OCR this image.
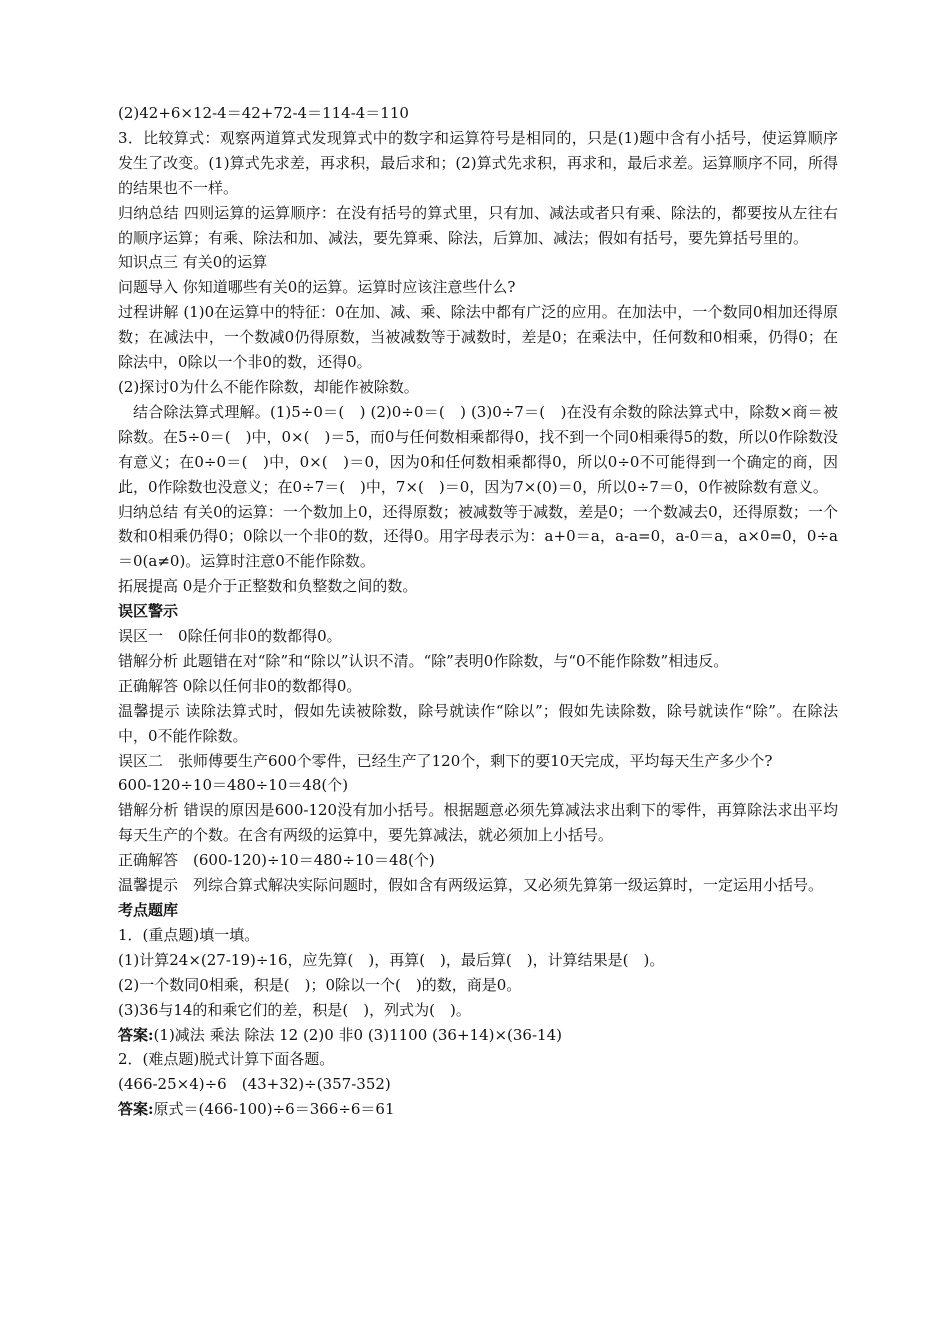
(2)42+6×12-4＝42+72-4＝114-4＝110

3．比较算式：观察两道算式发现算式中的数字和运算符号是相同的，只是(1)题中含有小括号，使运算顺序发生了改变。(1)算式先求差，再求积，最后求和；(2)算式先求积，再求和，最后求差。运算顺序不同，所得的结果也不一样。

归纳总结 四则运算的运算顺序：在没有括号的算式里，只有加、减法或者只有乘、除法的，都要按从左往右的顺序运算；有乘、除法和加、减法，要先算乘、除法，后算加、减法；假如有括号，要先算括号里的。

知识点三 有关0的运算

问题导入 你知道哪些有关0的运算。运算时应该注意些什么?

过程讲解 (1)0在运算中的特征：0在加、减、乘、除法中都有广泛的应用。在加法中，一个数同0相加还得原数；在减法中，一个数减0仍得原数，当被减数等于减数时，差是0；在乘法中，任何数和0相乘，仍得0；在除法中，0除以一个非0的数，还得0。

(2)探讨0为什么不能作除数，却能作被除数。

结合除法算式理解。(1)5÷0＝(　) (2)0÷0＝(　) (3)0÷7＝(　)在没有余数的除法算式中，除数×商＝被除数。在5÷0＝(　)中，0×(　)＝5，而0与任何数相乘都得0，找不到一个同0相乘得5的数，所以0作除数没有意义；在0÷0＝(　)中，0×(　)＝0，因为0和任何数相乘都得0，所以0÷0不可能得到一个确定的商，因此，0作除数也没意义；在0÷7＝(　)中，7×(　)＝0，因为7×(0)＝0，所以0÷7＝0，0作被除数有意义。

归纳总结 有关0的运算：一个数加上0，还得原数；被减数等于减数，差是0；一个数减去0，还得原数；一个数和0相乘仍得0；0除以一个非0的数，还得0。用字母表示为：a+0＝a，a-a=0，a-0＝a，a×0=0，0÷a＝0(a≠0)。运算时注意0不能作除数。

拓展提高 0是介于正整数和负整数之间的数。

误区警示

误区一　0除任何非0的数都得0。

错解分析 此题错在对“除”和“除以”认识不清。“除”表明0作除数，与“0不能作除数”相违反。

正确解答 0除以任何非0的数都得0。

温馨提示 读除法算式时，假如先读被除数，除号就读作“除以”；假如先读除数，除号就读作“除”。在除法中，0不能作除数。

误区二　张师傅要生产600个零件，已经生产了120个，剩下的要10天完成，平均每天生产多少个?

600-120÷10＝480÷10＝48(个)

错解分析 错误的原因是600-120没有加小括号。根据题意必须先算减法求出剩下的零件，再算除法求出平均每天生产的个数。在含有两级的运算中，要先算减法，就必须加上小括号。

正确解答　(600-120)÷10＝480÷10＝48(个)

温馨提示　列综合算式解决实际问题时，假如含有两级运算，又必须先算第一级运算时，一定运用小括号。

考点题库

1．(重点题)填一填。

(1)计算24×(27-19)÷16，应先算(　)，再算(　)，最后算(　)，计算结果是(　)。

(2)一个数同0相乘，积是(　)；0除以一个(　)的数，商是0。

(3)36与14的和乘它们的差，积是(　)，列式为(　)。

答案:(1)减法 乘法 除法 12 (2)0 非0 (3)1100 (36+14)×(36-14)

2．(难点题)脱式计算下面各题。

(466-25×4)÷6　(43+32)÷(357-352)

答案:原式＝(466-100)÷6＝366÷6＝61
